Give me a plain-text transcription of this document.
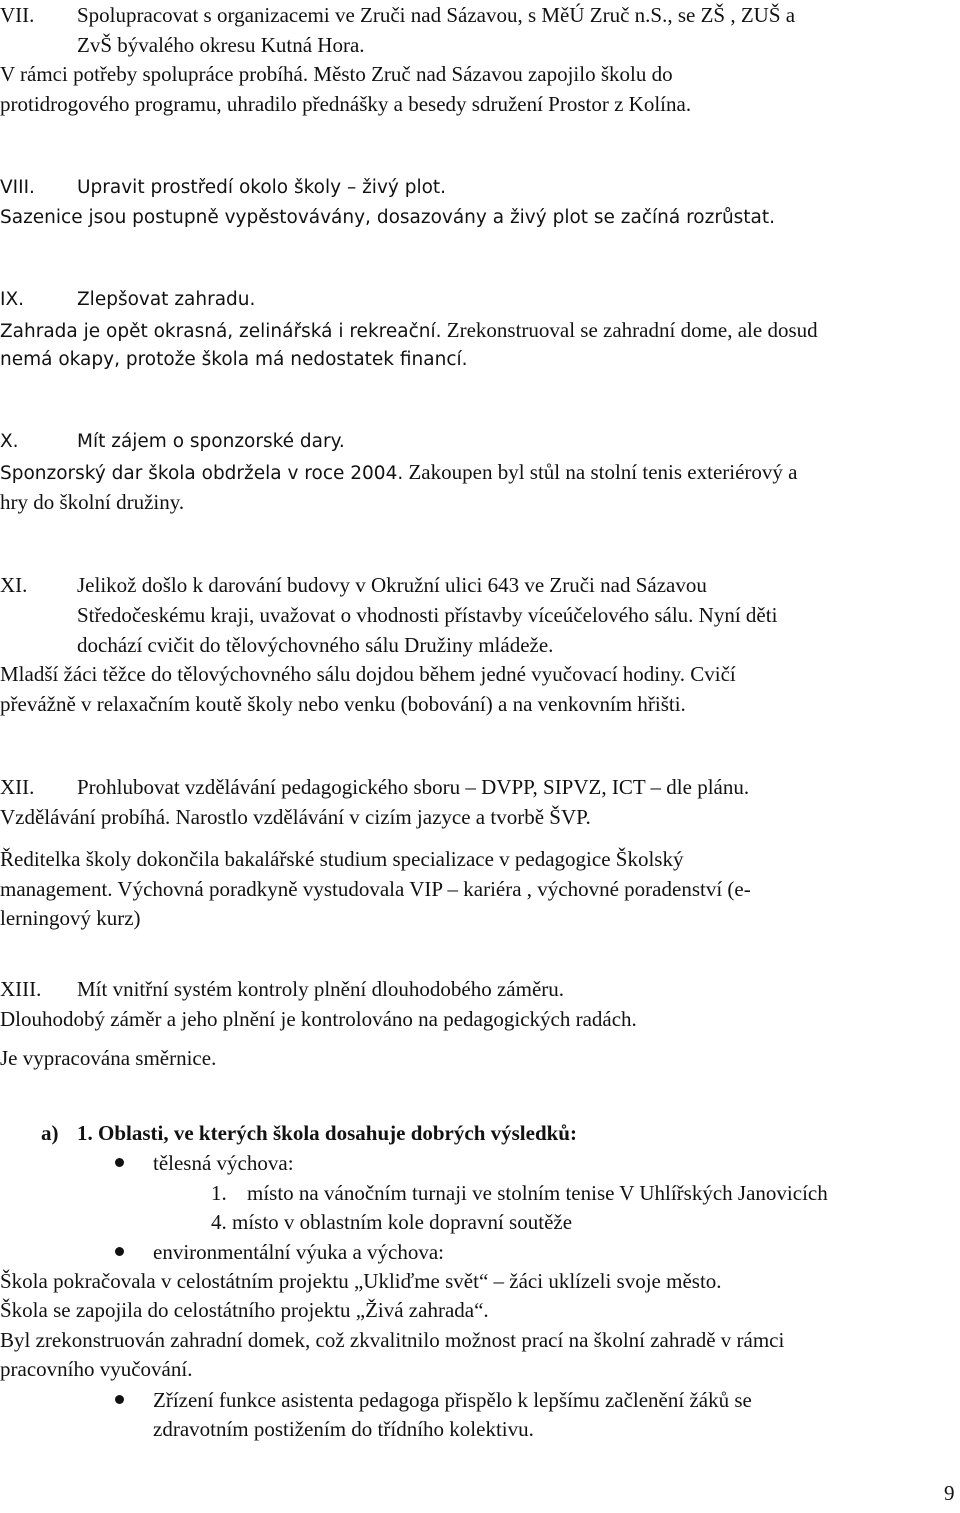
VII. Spolupracovat s organizacemi ve Zruči nad Sázavou, s MěÚ Zruč n.S., se ZŠ , ZUŠ a
ZvŠ bývalého okresu Kutná Hora.
V rámci potřeby spolupráce probíhá. Město Zruč nad Sázavou zapojilo školu do
protidrogového programu, uhradilo přednášky a besedy sdružení Prostor z Kolína.
VIII. Upravit prostředí okolo školy – živý plot.
Sazenice jsou postupně vypěstovávány, dosazovány a živý plot se začíná rozrůstat.
IX.	Zlepšovat zahradu.
Zahrada je opět okrasná, zelinářská i rekreační. Zrekonstruoval se zahradní dome, ale dosud
nemá okapy, protože škola má nedostatek financí.
X.	Mít zájem o sponzorské dary.
Sponzorský dar škola obdržela v roce 2004. Zakoupen byl stůl na stolní tenis exteriérový a
hry do školní družiny.
XI. Jelikož došlo k darování budovy v Okružní ulici 643 ve Zruči nad Sázavou
Středočeskému kraji, uvažovat o vhodnosti přístavby víceúčelového sálu. Nyní děti
dochází cvičit do tělovýchovného sálu Družiny mládeže.
Mladší žáci těžce do tělovýchovného sálu dojdou během jedné vyučovací hodiny. Cvičí
převážně v relaxačním koutě školy nebo venku (bobování) a na venkovním hřišti.
XII. Prohlubovat vzdělávání pedagogického sboru – DVPP, SIPVZ, ICT – dle plánu.
Vzdělávání probíhá. Narostlo vzdělávání v cizím jazyce a tvorbě ŠVP.
Ředitelka školy dokončila bakalářské studium specializace v pedagogice Školský
management. Výchovná poradkyně vystudovala VIP – kariéra , výchovné poradenství (e-
lerningový kurz)
XIII. Mít vnitřní systém kontroly plnění dlouhodobého záměru.
Dlouhodobý záměr a jeho plnění je kontrolováno na pedagogických radách.
Je vypracována směrnice.
a) 1. Oblasti, ve kterých škola dosahuje dobrých výsledků:
tělesná výchova:
1. místo na vánočním turnaji ve stolním tenise V Uhlířských Janovicích
4. místo v oblastním kole dopravní soutěže
environmentální výuka a výchova:
Škola pokračovala v celostátním projektu „Ukliďme svět“ – žáci uklízeli svoje město.
Škola se zapojila do celostátního projektu „Živá zahrada“.
Byl zrekonstruován zahradní domek, což zkvalitnilo možnost prací na školní zahradě v rámci
pracovního vyučování.
Zřízení funkce asistenta pedagoga přispělo k lepšímu začlenění žáků se
zdravotním postižením do třídního kolektivu.
9
